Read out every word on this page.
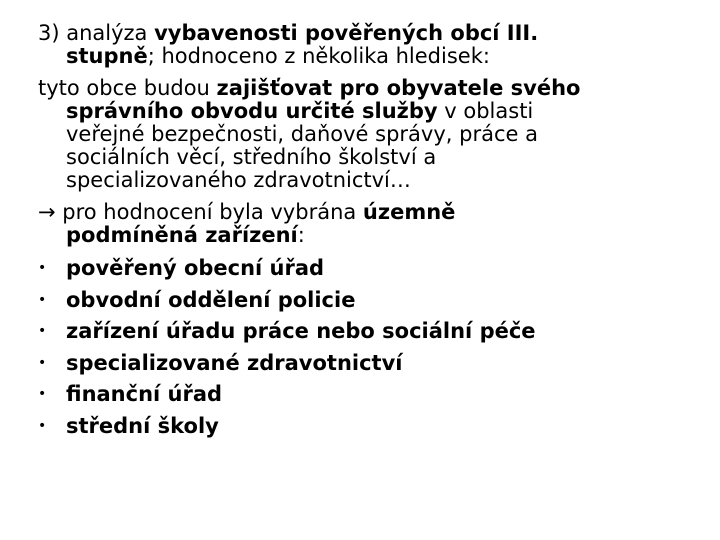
3) analýza vybavenosti pověřených obcí III.
stupně; hodnoceno z několika hledisek:

tyto obce budou zajišťovat pro obyvatele svého
správního obvodu určité služby v oblasti
veřejné bezpečnosti, daňové správy, práce a
sociálních věcí, středního školství a
specializovaného zdravotnictví…

→ pro hodnocení byla vybrána územně
podmíněná zařízení:

• pověřený obecní úřad
• obvodní oddělení policie
• zařízení úřadu práce nebo sociální péče
• specializované zdravotnictví
• finanční úřad
• střední školy
